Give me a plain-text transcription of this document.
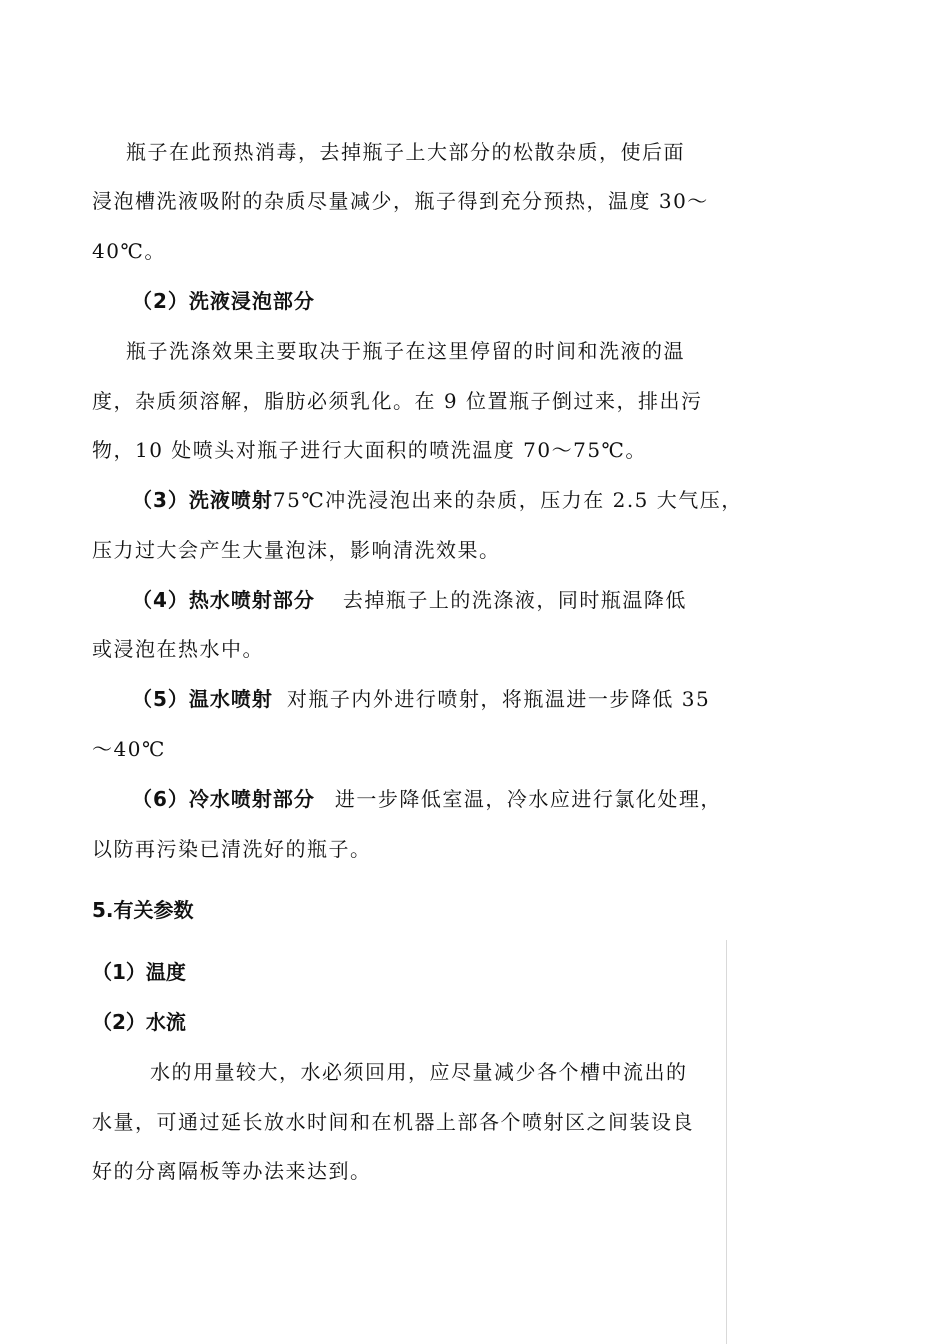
瓶子在此预热消毒，去掉瓶子上大部分的松散杂质，使后面
浸泡槽洗液吸附的杂质尽量减少，瓶子得到充分预热，温度 30～
40℃。
（2）洗液浸泡部分
瓶子洗涤效果主要取决于瓶子在这里停留的时间和洗液的温
度，杂质须溶解，脂肪必须乳化。在 9 位置瓶子倒过来，排出污
物，10 处喷头对瓶子进行大面积的喷洗温度 70～75℃。
（3）洗液喷射75℃冲洗浸泡出来的杂质，压力在 2.5 大气压，
压力过大会产生大量泡沫，影响清洗效果。
（4）热水喷射部分 去掉瓶子上的洗涤液，同时瓶温降低
或浸泡在热水中。
（5）温水喷射 对瓶子内外进行喷射，将瓶温进一步降低 35
～40℃
（6）冷水喷射部分 进一步降低室温，冷水应进行氯化处理，
以防再污染已清洗好的瓶子。
5.有关参数
（1）温度
（2）水流
水的用量较大，水必须回用，应尽量减少各个槽中流出的
水量，可通过延长放水时间和在机器上部各个喷射区之间装设良
好的分离隔板等办法来达到。
